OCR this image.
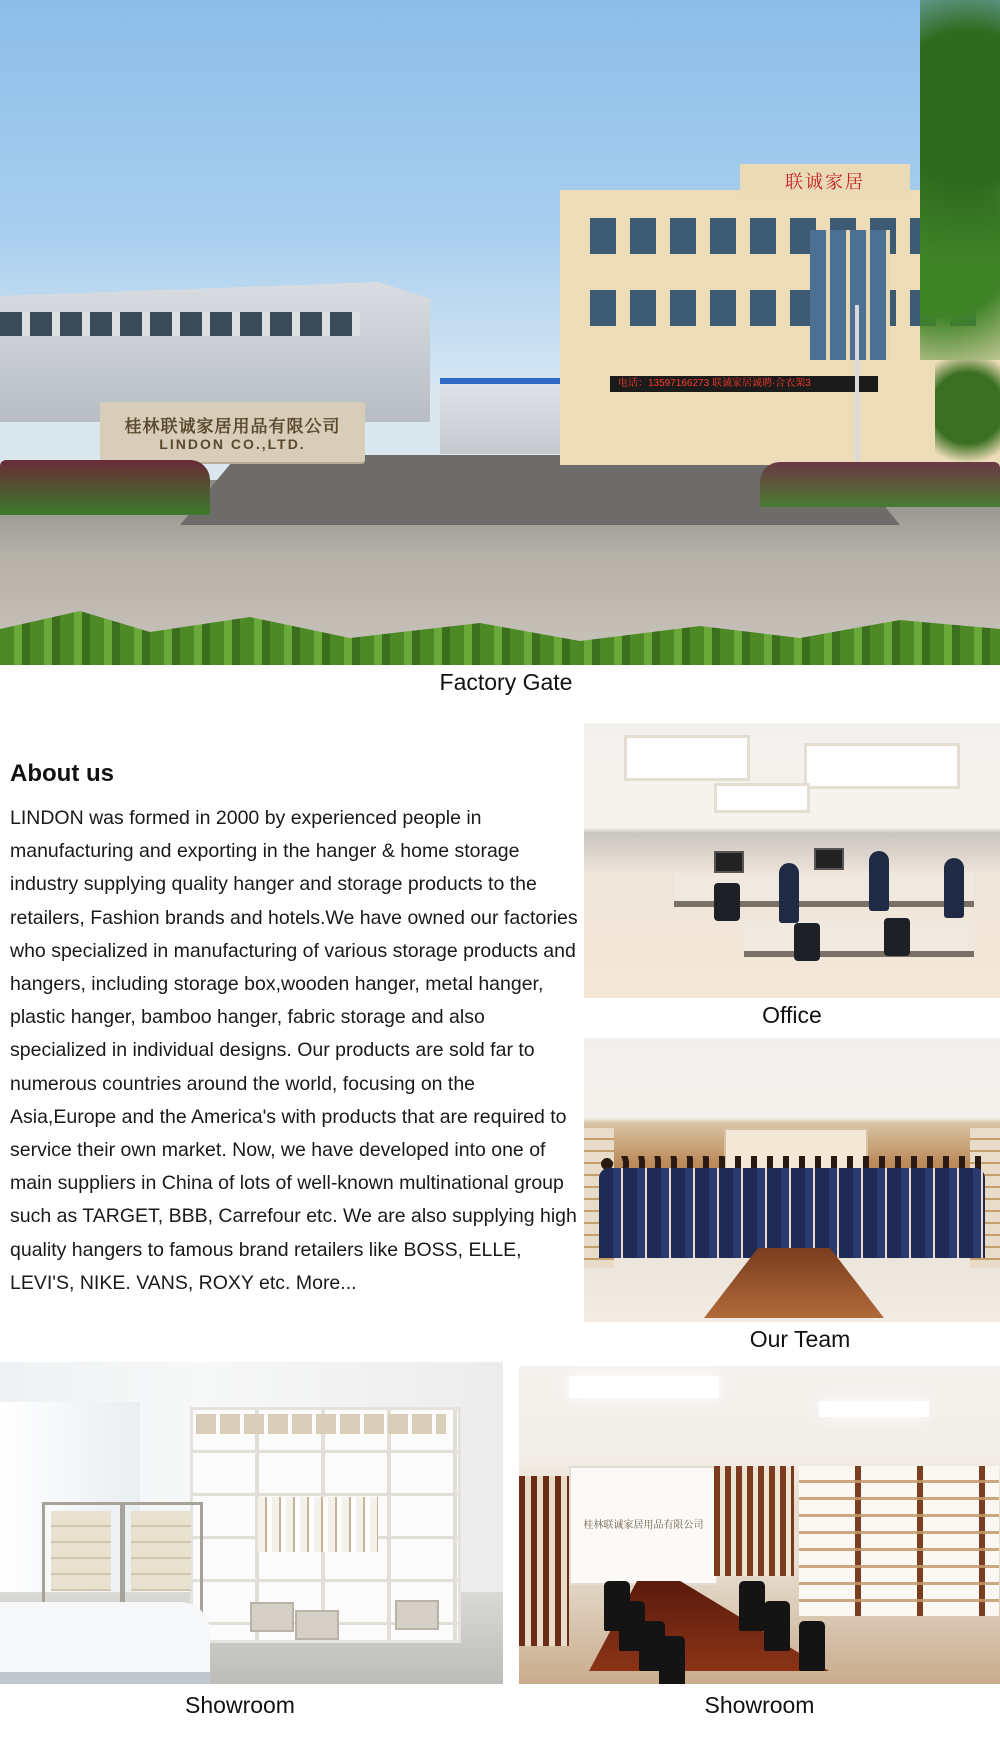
桂林联诚家居用品有限公司
LINDON CO.,LTD.
联诚家居
电话：13597166273 联诚家居诚聘·合衣架3
Factory Gate
About us

LINDON was formed in 2000 by experienced people in manufacturing and exporting in the hanger & home storage industry supplying quality hanger and storage products to the retailers, Fashion brands and hotels.We have owned our factories who specialized in manufacturing of various storage products and hangers, including storage box,wooden hanger, metal hanger, plastic hanger, bamboo hanger, fabric storage and also specialized in individual designs. Our products are sold far to numerous countries around the world, focusing on the Asia,Europe and the America's with products that are required to service their own market. Now, we have developed into one of main suppliers in China of lots of well-known multinational group such as TARGET, BBB, Carrefour etc. We are also supplying high quality hangers to famous brand retailers like BOSS, ELLE, LEVI'S, NIKE. VANS, ROXY etc. More...

Office
Our Team
Showroom
桂林联诚家居用品有限公司
Showroom
